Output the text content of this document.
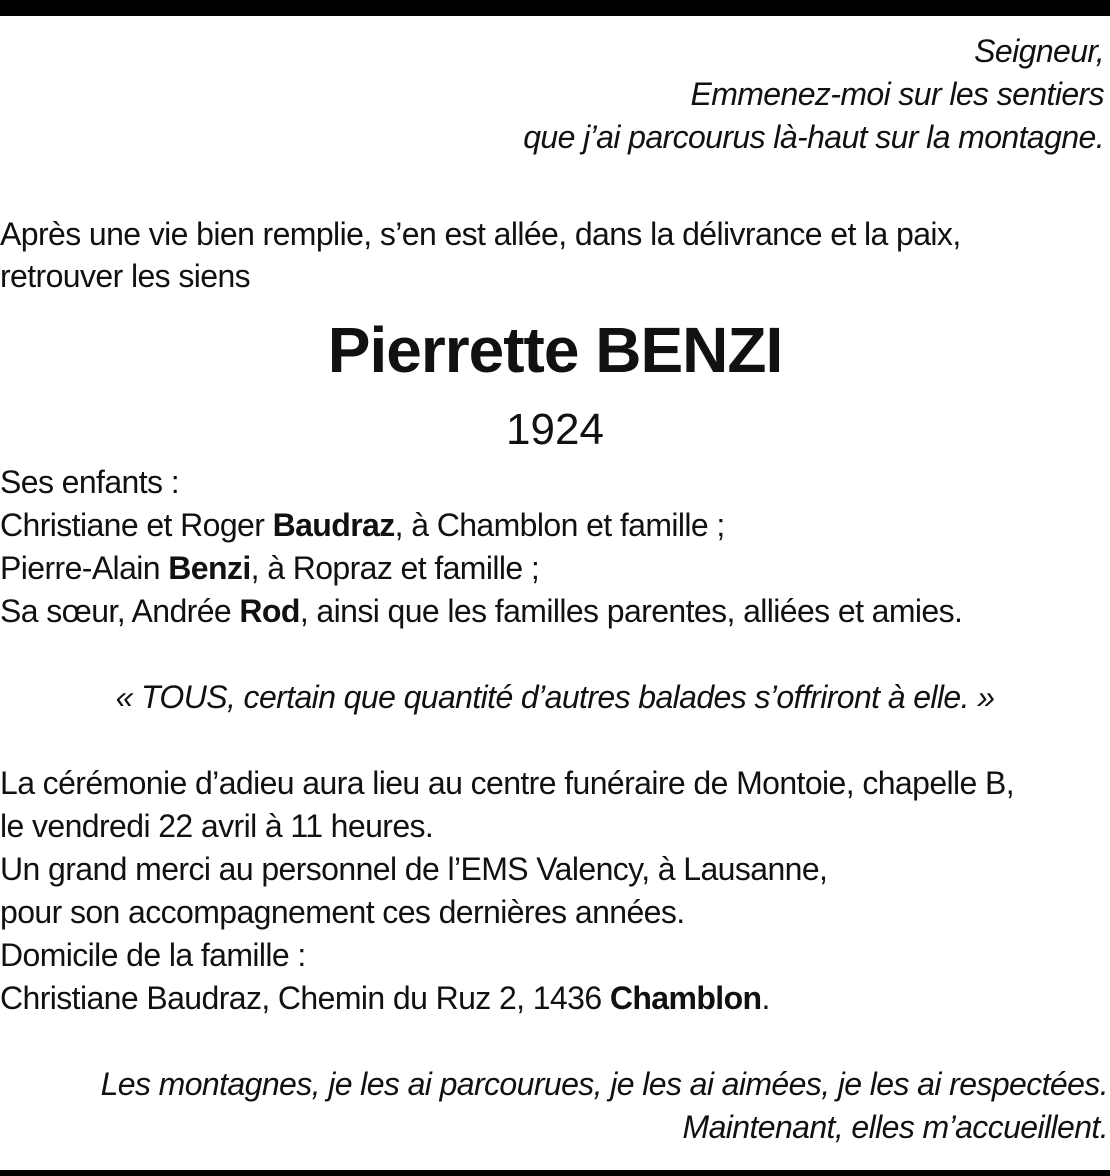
Seigneur,
Emmenez-moi sur les sentiers
que j’ai parcourus là-haut sur la montagne.
Après une vie bien remplie, s’en est allée, dans la délivrance et la paix,
retrouver les siens
Pierrette BENZI
1924
Ses enfants :
Christiane et Roger Baudraz, à Chamblon et famille ;
Pierre-Alain Benzi, à Ropraz et famille ;
Sa sœur, Andrée Rod, ainsi que les familles parentes, alliées et amies.
« TOUS, certain que quantité d’autres balades s’offriront à elle. »
La cérémonie d’adieu aura lieu au centre funéraire de Montoie, chapelle B,
le vendredi 22 avril à 11 heures.
Un grand merci au personnel de l’EMS Valency, à Lausanne,
pour son accompagnement ces dernières années.
Domicile de la famille :
Christiane Baudraz, Chemin du Ruz 2, 1436 Chamblon.
Les montagnes, je les ai parcourues, je les ai aimées, je les ai respectées.
Maintenant, elles m’accueillent.
